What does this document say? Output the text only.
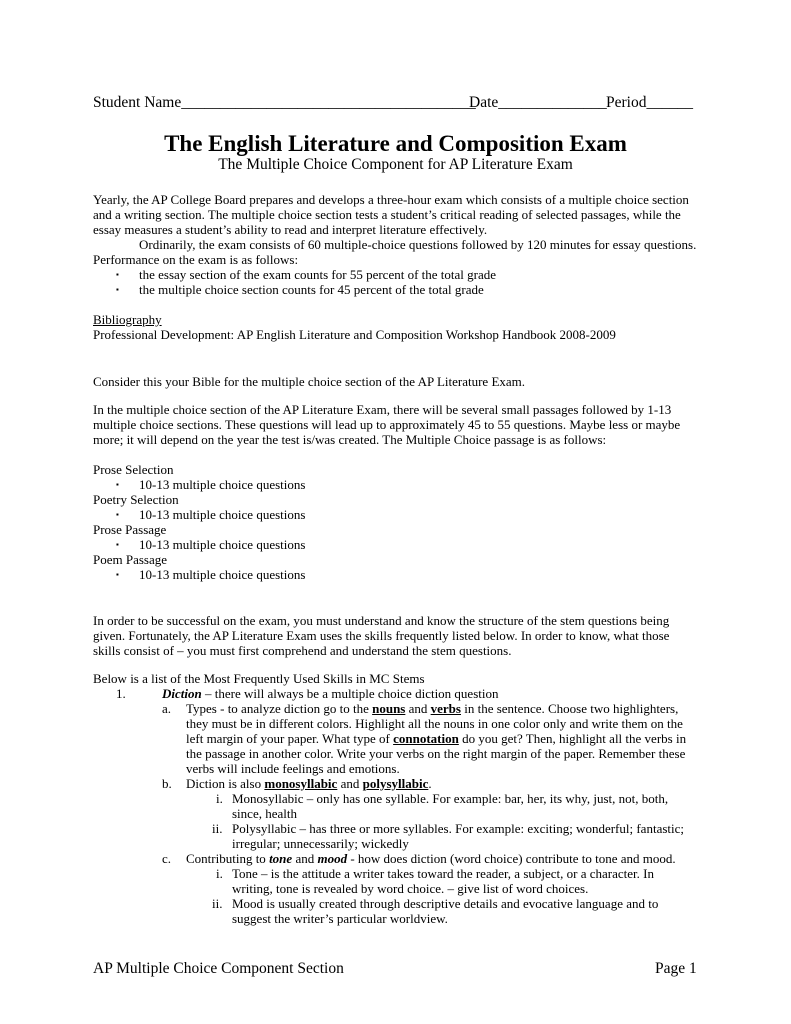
Student Name______________________________________
Date______________ Period______
The English Literature and Composition Exam
The Multiple Choice Component for AP Literature Exam
Yearly, the AP College Board prepares and develops a three-hour exam which consists of a multiple choice section
and a writing section. The multiple choice section tests a student’s critical reading of selected passages, while the
essay measures a student’s ability to read and interpret literature effectively.
Ordinarily, the exam consists of 60 multiple-choice questions followed by 120 minutes for essay questions.
Performance on the exam is as follows:
▪ the essay section of the exam counts for 55 percent of the total grade
▪ the multiple choice section counts for 45 percent of the total grade
Bibliography
Professional Development: AP English Literature and Composition Workshop Handbook 2008-2009
Consider this your Bible for the multiple choice section of the AP Literature Exam.
In the multiple choice section of the AP Literature Exam, there will be several small passages followed by 1-13
multiple choice sections. These questions will lead up to approximately 45 to 55 questions. Maybe less or maybe
more; it will depend on the year the test is/was created. The Multiple Choice passage is as follows:
Prose Selection
▪ 10-13 multiple choice questions
Poetry Selection
▪ 10-13 multiple choice questions
Prose Passage
▪ 10-13 multiple choice questions
Poem Passage
▪ 10-13 multiple choice questions
In order to be successful on the exam, you must understand and know the structure of the stem questions being
given. Fortunately, the AP Literature Exam uses the skills frequently listed below. In order to know, what those
skills consist of – you must first comprehend and understand the stem questions.
Below is a list of the Most Frequently Used Skills in MC Stems
1.	Diction – there will always be a multiple choice diction question
a. Types - to analyze diction go to the nouns and verbs in the sentence. Choose two highlighters,
they must be in different colors. Highlight all the nouns in one color only and write them on the
left margin of your paper. What type of connotation do you get? Then, highlight all the verbs in
the passage in another color. Write your verbs on the right margin of the paper. Remember these
verbs will include feelings and emotions.
b. Diction is also monosyllabic and polysyllabic.
i. Monosyllabic – only has one syllable. For example: bar, her, its why, just, not, both,
since, health
ii. Polysyllabic – has three or more syllables. For example: exciting; wonderful; fantastic;
irregular; unnecessarily; wickedly
c. Contributing to tone and mood - how does diction (word choice) contribute to tone and mood.
i. Tone – is the attitude a writer takes toward the reader, a subject, or a character. In
writing, tone is revealed by word choice. – give list of word choices.
ii. Mood is usually created through descriptive details and evocative language and to
suggest the writer’s particular worldview.
AP Multiple Choice Component Section	Page 1
